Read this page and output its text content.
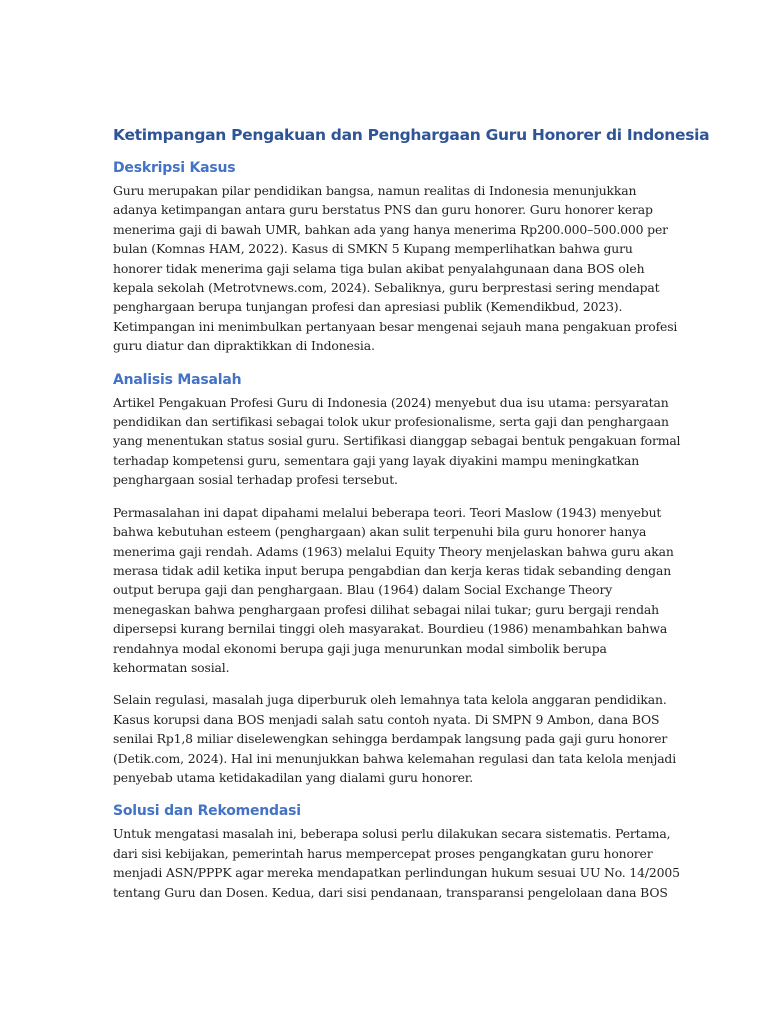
Ketimpangan Pengakuan dan Penghargaan Guru Honorer di Indonesia
Deskripsi Kasus

Guru merupakan pilar pendidikan bangsa, namun realitas di Indonesia menunjukkan
adanya ketimpangan antara guru berstatus PNS dan guru honorer. Guru honorer kerap
menerima gaji di bawah UMR, bahkan ada yang hanya menerima Rp200.000–500.000 per
bulan (Komnas HAM, 2022). Kasus di SMKN 5 Kupang memperlihatkan bahwa guru
honorer tidak menerima gaji selama tiga bulan akibat penyalahgunaan dana BOS oleh
kepala sekolah (Metrotvnews.com, 2024). Sebaliknya, guru berprestasi sering mendapat
penghargaan berupa tunjangan profesi dan apresiasi publik (Kemendikbud, 2023).
Ketimpangan ini menimbulkan pertanyaan besar mengenai sejauh mana pengakuan profesi
guru diatur dan dipraktikkan di Indonesia.

Analisis Masalah

Artikel Pengakuan Profesi Guru di Indonesia (2024) menyebut dua isu utama: persyaratan
pendidikan dan sertifikasi sebagai tolok ukur profesionalisme, serta gaji dan penghargaan
yang menentukan status sosial guru. Sertifikasi dianggap sebagai bentuk pengakuan formal
terhadap kompetensi guru, sementara gaji yang layak diyakini mampu meningkatkan
penghargaan sosial terhadap profesi tersebut.

Permasalahan ini dapat dipahami melalui beberapa teori. Teori Maslow (1943) menyebut
bahwa kebutuhan esteem (penghargaan) akan sulit terpenuhi bila guru honorer hanya
menerima gaji rendah. Adams (1963) melalui Equity Theory menjelaskan bahwa guru akan
merasa tidak adil ketika input berupa pengabdian dan kerja keras tidak sebanding dengan
output berupa gaji dan penghargaan. Blau (1964) dalam Social Exchange Theory
menegaskan bahwa penghargaan profesi dilihat sebagai nilai tukar; guru bergaji rendah
dipersepsi kurang bernilai tinggi oleh masyarakat. Bourdieu (1986) menambahkan bahwa
rendahnya modal ekonomi berupa gaji juga menurunkan modal simbolik berupa
kehormatan sosial.

Selain regulasi, masalah juga diperburuk oleh lemahnya tata kelola anggaran pendidikan.
Kasus korupsi dana BOS menjadi salah satu contoh nyata. Di SMPN 9 Ambon, dana BOS
senilai Rp1,8 miliar diselewengkan sehingga berdampak langsung pada gaji guru honorer
(Detik.com, 2024). Hal ini menunjukkan bahwa kelemahan regulasi dan tata kelola menjadi
penyebab utama ketidakadilan yang dialami guru honorer.

Solusi dan Rekomendasi

Untuk mengatasi masalah ini, beberapa solusi perlu dilakukan secara sistematis. Pertama,
dari sisi kebijakan, pemerintah harus mempercepat proses pengangkatan guru honorer
menjadi ASN/PPPK agar mereka mendapatkan perlindungan hukum sesuai UU No. 14/2005
tentang Guru dan Dosen. Kedua, dari sisi pendanaan, transparansi pengelolaan dana BOS
